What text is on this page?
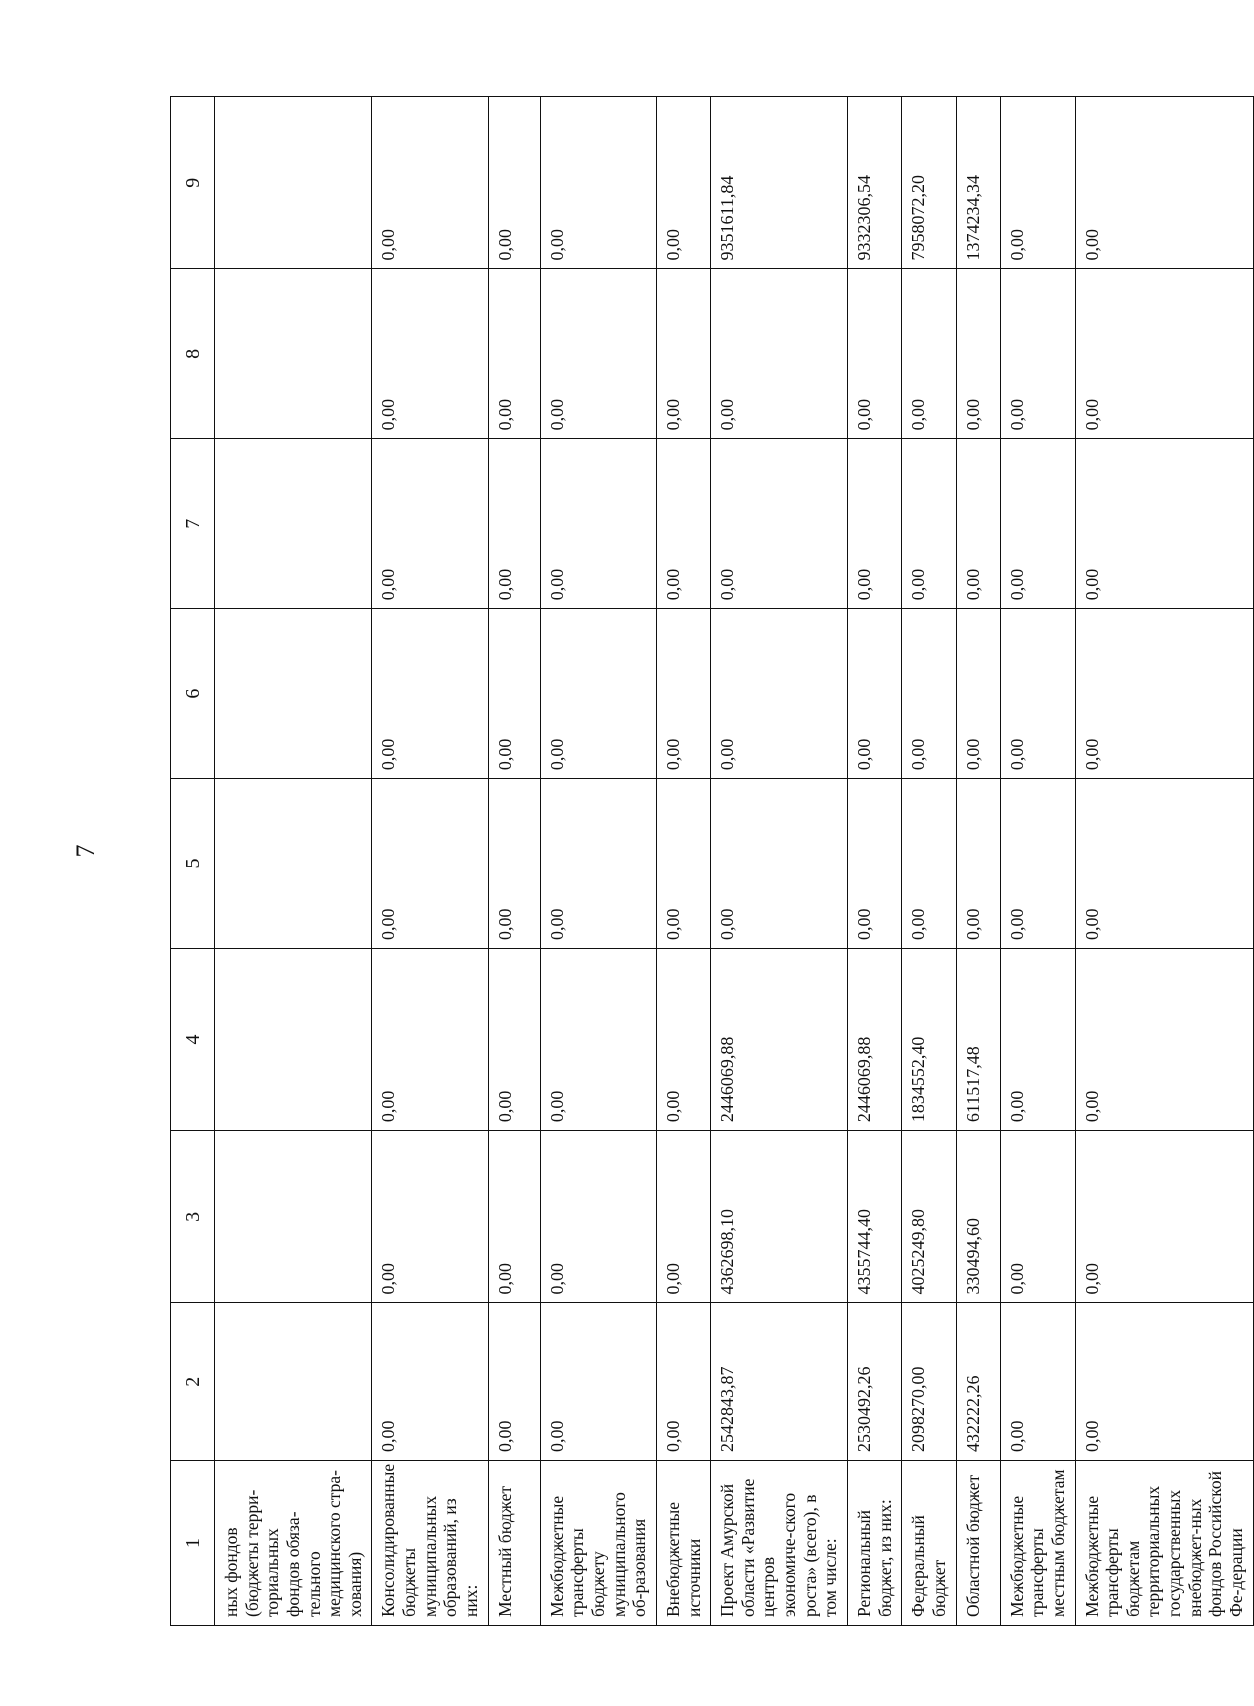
7
1	2	3	4	5	6	7	8	9
ных фондов (бюджеты терри-ториальных фондов обяза-тельного медицинского стра-хования)								
Консолидированные бюджеты муниципальных образований, из них:	0,00	0,00	0,00	0,00	0,00	0,00	0,00	0,00
Местный бюджет	0,00	0,00	0,00	0,00	0,00	0,00	0,00	0,00
Межбюджетные трансферты бюджету муниципального об-разования	0,00	0,00	0,00	0,00	0,00	0,00	0,00	0,00
Внебюджетные источники	0,00	0,00	0,00	0,00	0,00	0,00	0,00	0,00
Проект Амурской области «Развитие центров экономиче-ского роста» (всего), в том числе:	2542843,87	4362698,10	2446069,88	0,00	0,00	0,00	0,00	9351611,84
Региональный бюджет, из них:	2530492,26	4355744,40	2446069,88	0,00	0,00	0,00	0,00	9332306,54
Федеральный бюджет	2098270,00	4025249,80	1834552,40	0,00	0,00	0,00	0,00	7958072,20
Областной бюджет	432222,26	330494,60	611517,48	0,00	0,00	0,00	0,00	1374234,34
Межбюджетные трансферты местным бюджетам	0,00	0,00	0,00	0,00	0,00	0,00	0,00	0,00
Межбюджетные трансферты бюджетам территориальных государственных внебюджет-ных фондов Российской Фе-дерации	0,00	0,00	0,00	0,00	0,00	0,00	0,00	0,00
